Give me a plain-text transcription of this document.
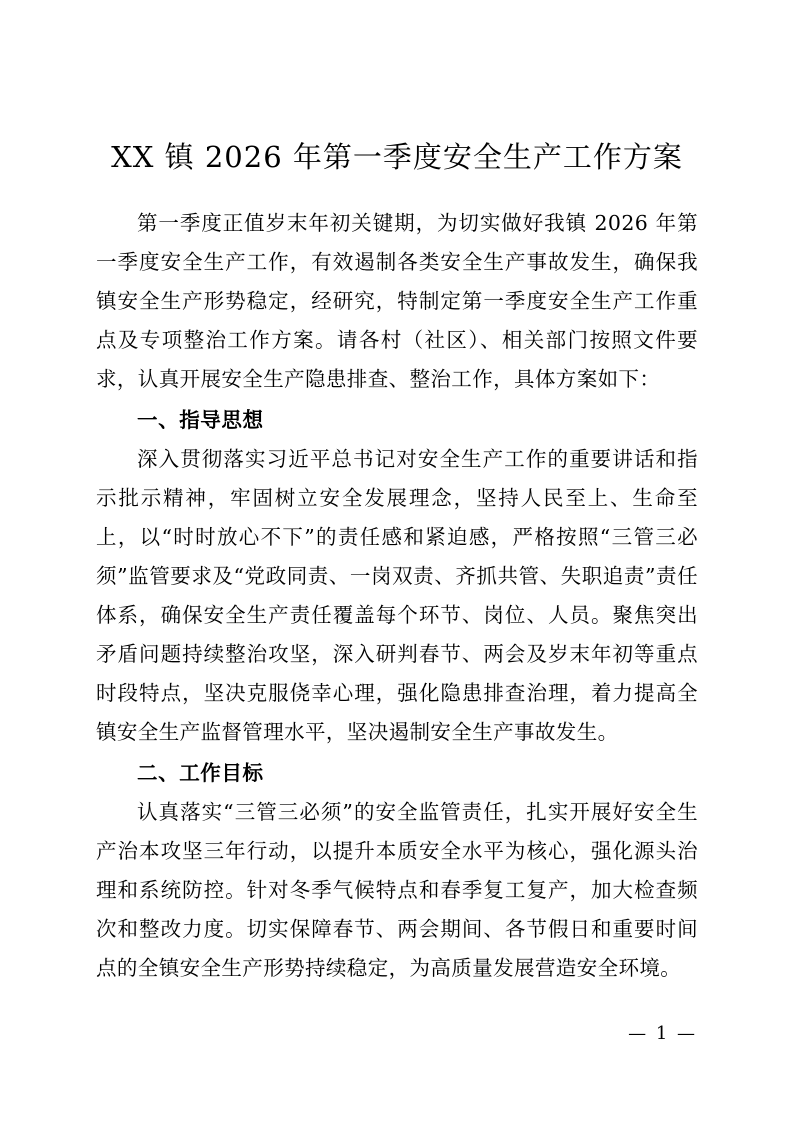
XX 镇 2026 年第一季度安全生产工作方案

第一季度正值岁末年初关键期，为切实做好我镇 2026 年第一季度安全生产工作，有效遏制各类安全生产事故发生，确保我镇安全生产形势稳定，经研究，特制定第一季度安全生产工作重点及专项整治工作方案。请各村（社区）、相关部门按照文件要求，认真开展安全生产隐患排查、整治工作，具体方案如下：

一、指导思想

深入贯彻落实习近平总书记对安全生产工作的重要讲话和指示批示精神，牢固树立安全发展理念，坚持人民至上、生命至上，以“时时放心不下”的责任感和紧迫感，严格按照“三管三必须”监管要求及“党政同责、一岗双责、齐抓共管、失职追责”责任体系，确保安全生产责任覆盖每个环节、岗位、人员。聚焦突出矛盾问题持续整治攻坚，深入研判春节、两会及岁末年初等重点时段特点，坚决克服侥幸心理，强化隐患排查治理，着力提高全镇安全生产监督管理水平，坚决遏制安全生产事故发生。

二、工作目标

认真落实“三管三必须”的安全监管责任，扎实开展好安全生产治本攻坚三年行动，以提升本质安全水平为核心，强化源头治理和系统防控。针对冬季气候特点和春季复工复产，加大检查频次和整改力度。切实保障春节、两会期间、各节假日和重要时间点的全镇安全生产形势持续稳定，为高质量发展营造安全环境。

— 1 —
